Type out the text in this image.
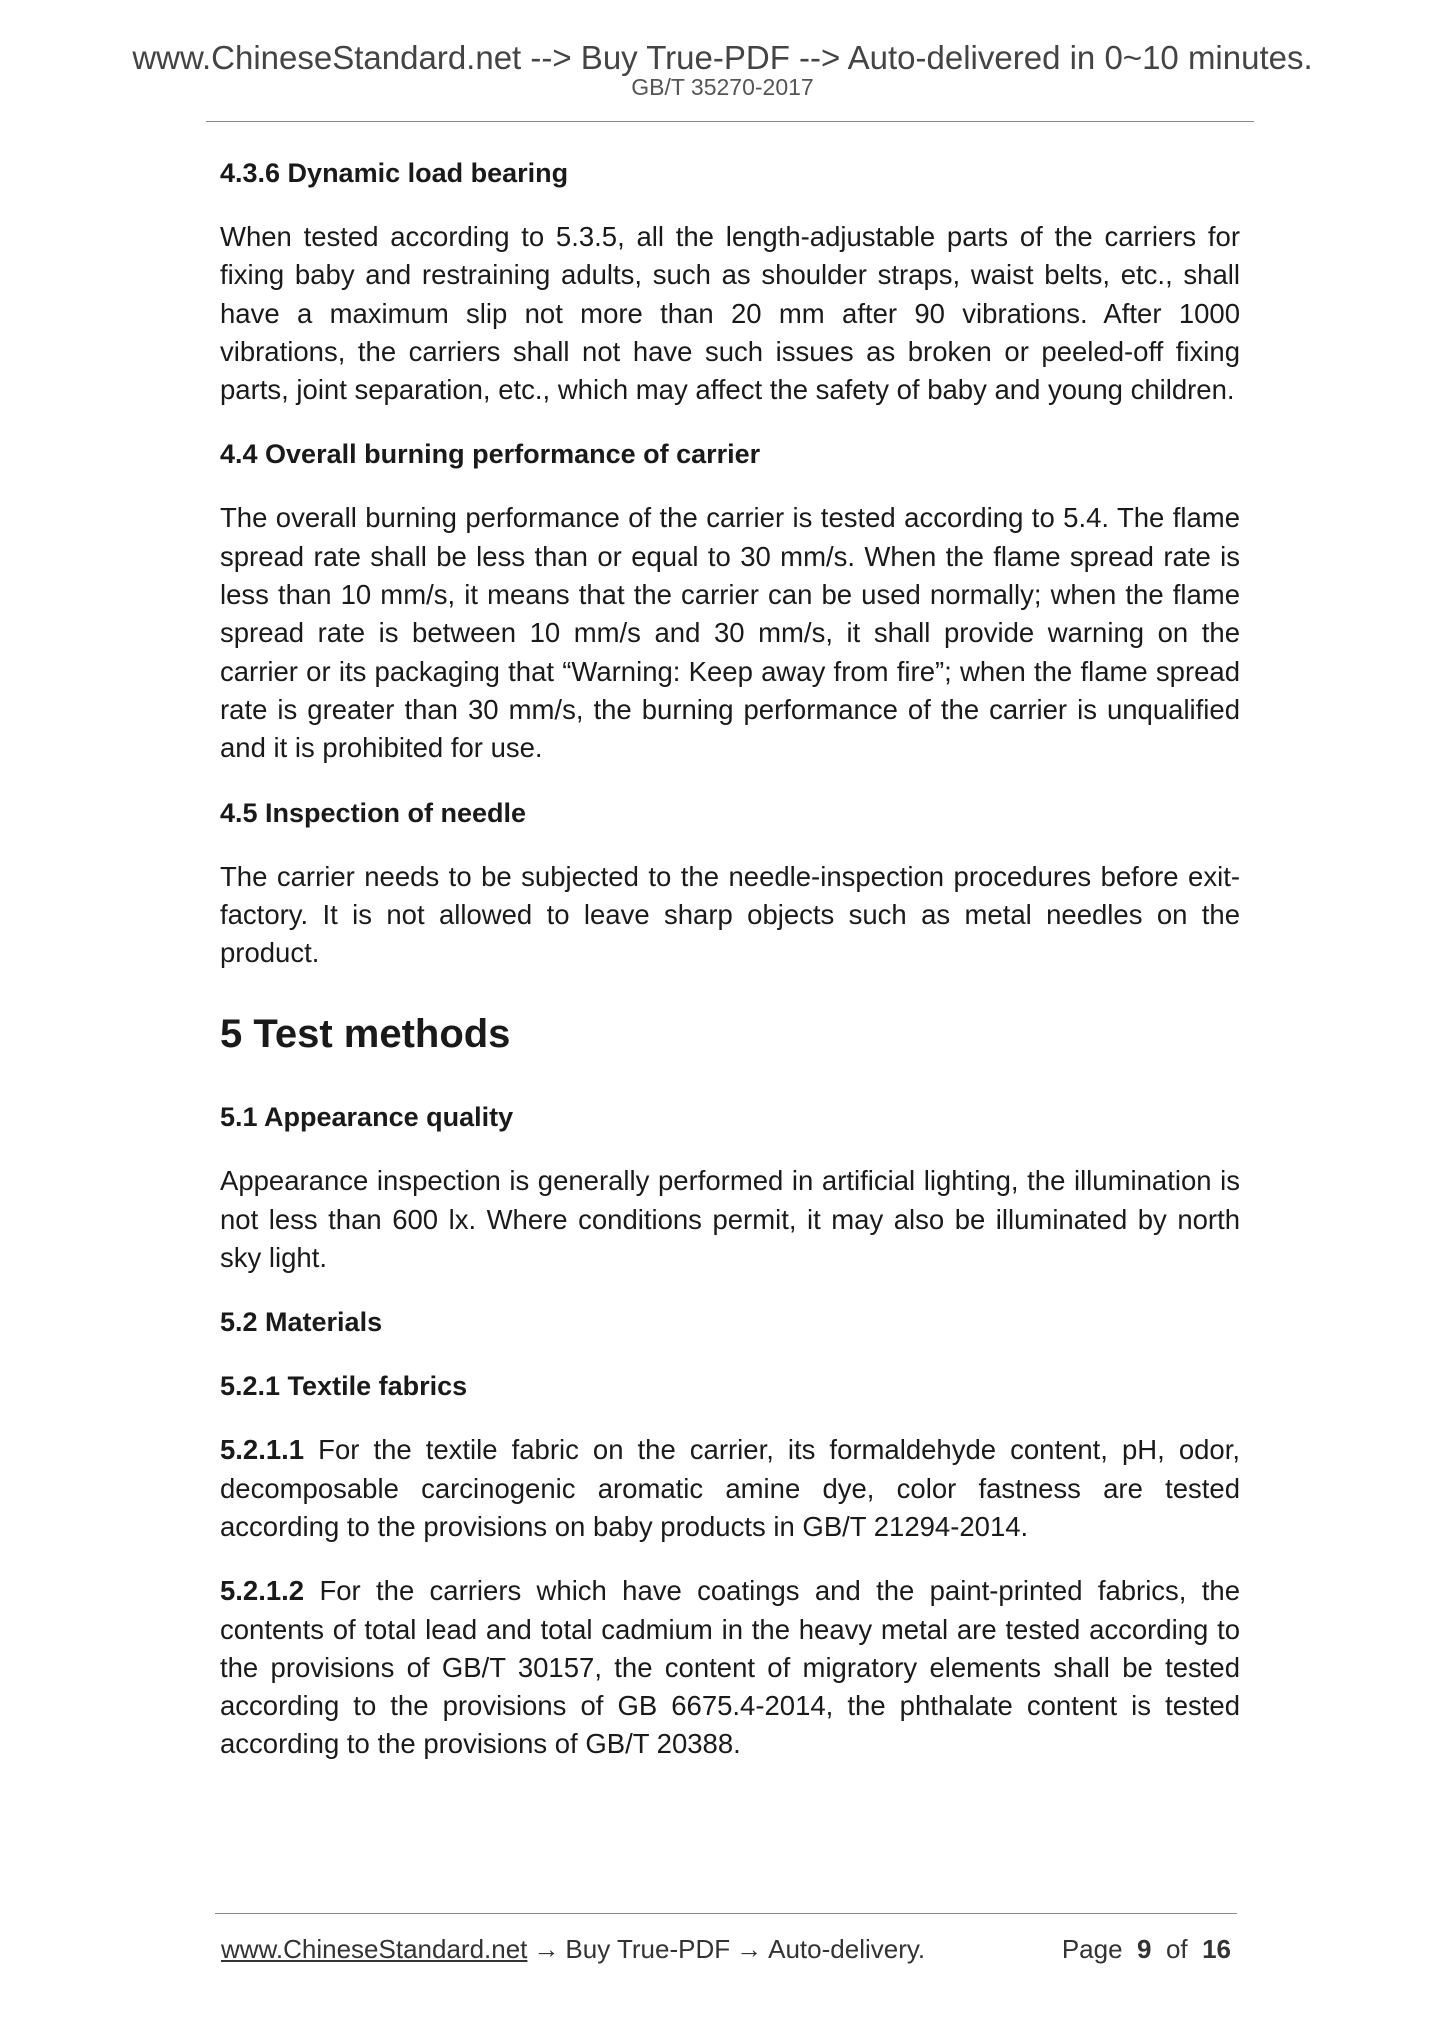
www.ChineseStandard.net --> Buy True-PDF --> Auto-delivered in 0~10 minutes.
GB/T 35270-2017
4.3.6 Dynamic load bearing
When tested according to 5.3.5, all the length-adjustable parts of the carriers for fixing baby and restraining adults, such as shoulder straps, waist belts, etc., shall have a maximum slip not more than 20 mm after 90 vibrations. After 1000 vibrations, the carriers shall not have such issues as broken or peeled-off fixing parts, joint separation, etc., which may affect the safety of baby and young children.
4.4 Overall burning performance of carrier
The overall burning performance of the carrier is tested according to 5.4. The flame spread rate shall be less than or equal to 30 mm/s. When the flame spread rate is less than 10 mm/s, it means that the carrier can be used normally; when the flame spread rate is between 10 mm/s and 30 mm/s, it shall provide warning on the carrier or its packaging that “Warning: Keep away from fire”; when the flame spread rate is greater than 30 mm/s, the burning performance of the carrier is unqualified and it is prohibited for use.
4.5 Inspection of needle
The carrier needs to be subjected to the needle-inspection procedures before exit-factory. It is not allowed to leave sharp objects such as metal needles on the product.
5 Test methods
5.1 Appearance quality
Appearance inspection is generally performed in artificial lighting, the illumination is not less than 600 lx. Where conditions permit, it may also be illuminated by north sky light.
5.2 Materials
5.2.1 Textile fabrics
5.2.1.1 For the textile fabric on the carrier, its formaldehyde content, pH, odor, decomposable carcinogenic aromatic amine dye, color fastness are tested according to the provisions on baby products in GB/T 21294-2014.
5.2.1.2 For the carriers which have coatings and the paint-printed fabrics, the contents of total lead and total cadmium in the heavy metal are tested according to the provisions of GB/T 30157, the content of migratory elements shall be tested according to the provisions of GB 6675.4-2014, the phthalate content is tested according to the provisions of GB/T 20388.
www.ChineseStandard.net → Buy True-PDF → Auto-delivery.	Page 9 of 16
